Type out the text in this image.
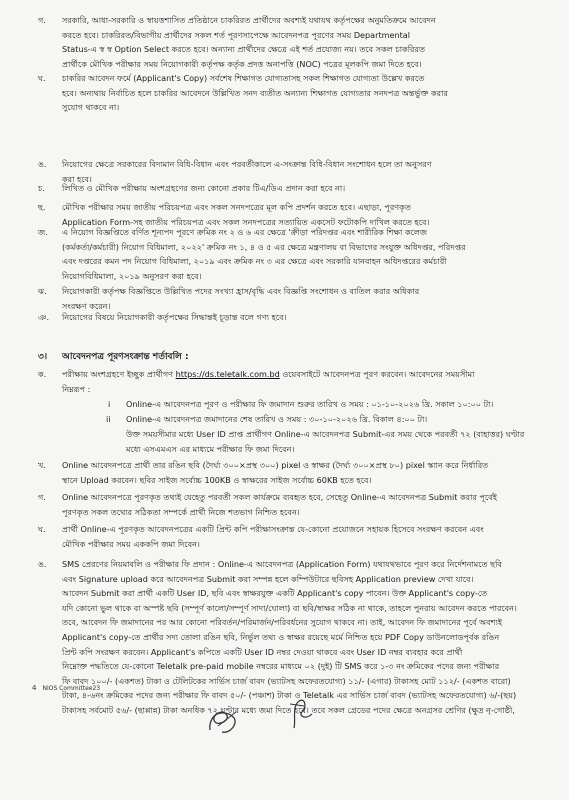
গ.	সরকারি, আধা-সরকারি ও স্বায়ত্তশাসিত প্রতিষ্ঠানে চাকরিরত প্রার্থীদের অবশ্যই যথাযথ কর্তৃপক্ষের অনুমতিক্রমে আবেদন
করতে হবে। চাকরিরত/বিভাগীয় প্রার্থীদের সকল শর্ত পূরণসাপেক্ষে আবেদনপত্র পূরণের সময় Departmental
Status-এ স্ব স্ব Option Select করতে হবে। অন্যান্য প্রার্থীদের ক্ষেত্রে এই শর্ত প্রযোজ্য নয়। তবে সকল চাকরিরত
প্রার্থীকে মৌখিক পরীক্ষার সময় নিয়োগকারী কর্তৃপক্ষ কর্তৃক প্রদত্ত অনাপত্তি (NOC) পত্রের মূলকপি জমা দিতে হবে।

ঘ.	চাকরির আবেদন ফর্মে (Applicant's Copy) সর্বশেষ শিক্ষাগত যোগ্যতাসহ সকল শিক্ষাগত যোগ্যতা উল্লেখ করতে
হবে। অন্যথায় নির্বাচিত হলে চাকরির আবেদনে উল্লিখিত সনদ ব্যতীত অন্যান্য শিক্ষাগত যোগ্যতার সনদপত্র অন্তর্ভুক্ত করার
সুযোগ থাকবে না।

ঙ.	নিয়োগের ক্ষেত্রে সরকারের বিদ্যমান বিধি-বিধান এবং পরবর্তীকালে এ-সংক্রান্ত বিধি-বিধান সংশোধন হলে তা অনুসরণ
করা হবে।

চ.	লিখিত ও মৌখিক পরীক্ষায় অংশগ্রহণের জন্য কোনো প্রকার টিএ/ডিএ প্রদান করা হবে না।

ছ.	মৌখিক পরীক্ষার সময় জাতীয় পরিচয়পত্র এবং সকল সনদপত্রের মূল কপি প্রদর্শন করতে হবে। এছাড়া, পূরণকৃত
Application Form-সহ জাতীয় পরিচয়পত্র এবং সকল সনদপত্রের সত্যায়িত একসেট ফটোকপি দাখিল করতে হবে।

জ.	এ নিয়োগ বিজ্ঞপ্তিতে বর্ণিত শূন্যপদ পূরণে ক্রমিক নং ২ ও ৬ এর ক্ষেত্রে 'ক্রীড়া পরিদপ্তর এবং শারীরিক শিক্ষা কলেজ
(কর্মকর্তা/কর্মচারী) নিয়োগ বিধিমালা, ২০২২' ক্রমিক নং ১, ৪ ও ৫ এর ক্ষেত্রে মন্ত্রণালয় বা বিভাগের সংযুক্ত অধিদপ্তর, পরিদপ্তর
এবং দপ্তরের কমন পদ নিয়োগ বিধিমালা, ২০১৯ এবং ক্রমিক নং ৩ এর ক্ষেত্রে এবং সরকারি যানবাহন অধিদপ্তরের কর্মচারী
নিয়োগবিধিমালা, ২০১৯ অনুসরণ করা হবে।

ঝ.	নিয়োগকারী কর্তৃপক্ষ বিজ্ঞপ্তিতে উল্লিখিত পদের সংখ্যা হ্রাস/বৃদ্ধি এবং বিজ্ঞপ্তি সংশোধন ও বাতিল করার অধিকার
সংরক্ষণ করেন।

ঞ.	নিয়োগের বিষয়ে নিয়োগকারী কর্তৃপক্ষের সিদ্ধান্তই চূড়ান্ত বলে গণ্য হবে।

৩। আবেদনপত্র পূরণসংক্রান্ত শর্তাবলি :
ক.	পরীক্ষায় অংশগ্রহণে ইচ্ছুক প্রার্থীগণ https://ds.teletalk.com.bd ওয়েবসাইটে আবেদনপত্র পূরণ করবেন। আবেদনের সময়সীমা
নিম্নরূপ :

i Online-এ আবেদনপত্র পূরণ ও পরীক্ষার ফি জমাদান শুরুর তারিখ ও সময় : ০১-১০-২০২৬ খ্রি. সকাল ১০:০০ টা।
ii Online-এ আবেদনপত্র জমাদানের শেষ তারিখ ও সময় : ৩০-১০-২০২৬ খ্রি. বিকাল ৪:০০ টা।
উক্ত সময়সীমার মধ্যে User ID প্রাপ্ত প্রার্থীগণ Online-এ আবেদনপত্র Submit-এর সময় থেকে পরবর্তী ৭২ (বাহাত্তর) ঘণ্টার
মধ্যে এসএমএস এর মাধ্যমে পরীক্ষার ফি জমা দিবেন।
খ.	Online আবেদনপত্রে প্রার্থী তার রঙিন ছবি (দৈর্ঘ্য ৩০০×প্রস্থ ৩০০) pixel ও স্বাক্ষর (দৈর্ঘ্য ৩০০×প্রস্থ ৮০) pixel স্ক্যান করে নির্ধারিত
স্থানে Upload করবেন। ছবির সাইজ সর্বোচ্চ 100KB ও স্বাক্ষরের সাইজ সর্বোচ্চ 60KB হতে হবে।

গ.	Online আবেদনপত্রে পূরণকৃত তথ্যই যেহেতু পরবর্তী সকল কার্যক্রমে ব্যবহৃত হবে, সেহেতু Online-এ আবেদনপত্র Submit করার পূর্বেই
পূরণকৃত সকল তথ্যের সঠিকতা সম্পর্কে প্রার্থী নিজে শতভাগ নিশ্চিত হবেন।

ঘ.	প্রার্থী Online-এ পূরণকৃত আবেদনপত্রের একটি প্রিন্ট কপি পরীক্ষাসংক্রান্ত যে-কোনো প্রয়োজনে সহায়ক হিসেবে সংরক্ষণ করবেন এবং
মৌখিক পরীক্ষার সময় এককপি জমা দিবেন।

ঙ.	SMS প্রেরণের নিয়মাবলি ও পরীক্ষার ফি প্রদান : Online-এ আবেদনপত্র (Application Form) যথাযথভাবে পূরণ করে নির্দেশনামতে ছবি
এবং Signature upload করে আবেদনপত্র Submit করা সম্পন্ন হলে কম্পিউটারে ছবিসহ Application preview দেখা যাবে।
আবেদন Submit করা প্রার্থী একটি User ID, ছবি এবং স্বাক্ষরযুক্ত একটি Applicant's copy পাবেন। উক্ত Applicant's copy-তে
যদি কোনো ভুল থাকে বা অস্পষ্ট ছবি (সম্পূর্ণ কালো/সম্পূর্ণ সাদা/ঘোলা) বা ছবি/স্বাক্ষর সঠিক না থাকে, তাহলে পুনরায় আবেদন করতে পারবেন।
তবে, আবেদন ফি জমাদানের পর আর কোনো পরিবর্তন/পরিমার্জন/পরিবর্ধনের সুযোগ থাকবে না। তাই, আবেদন ফি জমাদানের পূর্বে অবশ্যই
Applicant's copy-তে প্রার্থীর সদ্য তোলা রঙিন ছবি, নির্ভুল তথ্য ও স্বাক্ষর রয়েছে মর্মে নিশ্চিত হয়ে PDF Copy ডাউনলোডপূর্বক রঙিন
প্রিন্ট কপি সংরক্ষণ করবেন। Applicant's কপিতে একটি User ID নম্বর দেওয়া থাকবে এবং User ID নম্বর ব্যবহার করে প্রার্থী
নিম্নোক্ত পদ্ধতিতে যে-কোনো Teletalk pre-paid mobile নম্বরের মাধ্যমে ০২ (দুই) টি SMS করে ১-৩ নং ক্রমিকের পদের জন্য পরীক্ষার
ফি বাবদ ১০০/- (একশত) টাকা ও টেলিটকের সার্ভিস চার্জ বাবদ (ভ্যাটসহ অফেরতযোগ্য) ১১/- (এগার) টাকাসহ মোট ১১২/- (একশত বারো)
টাকা, ৪-৬নং ক্রমিকের পদের জন্য পরীক্ষার ফি বাবদ ৫০/- (পঞ্চাশ) টাকা ও Teletalk এর সার্ভিস চার্জ বাবদ (ভ্যাটসহ অফেরতযোগ্য) ৬/-(ছয়)
টাকাসহ সর্বমোট ৫৬/- (ছাপ্পান্ন) টাকা অনধিক ৭২ ঘণ্টার মধ্যে জমা দিতে হবে। তবে সকল গ্রেডের পদের ক্ষেত্রে অনগ্রসর শ্রেণির (ক্ষুদ্র নৃ-গোষ্ঠী,

4 NIOS Committee23
